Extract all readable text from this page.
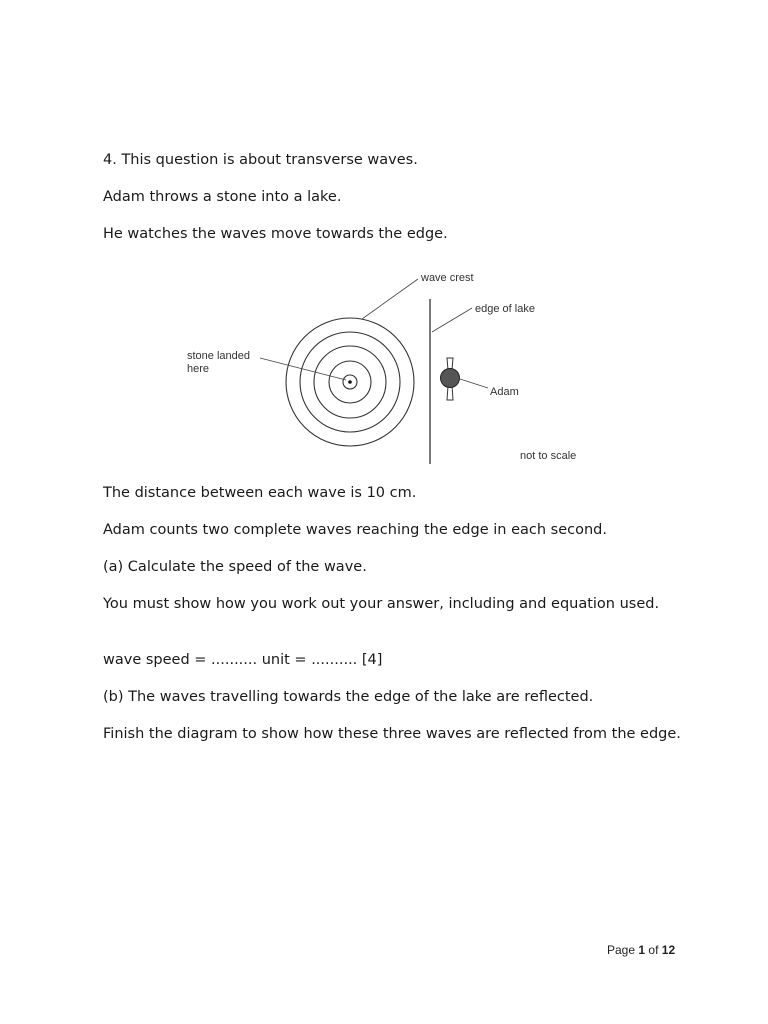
4. This question is about transverse waves.

Adam throws a stone into a lake.

He watches the waves move towards the edge.

wave crest
edge of lake
stone landed
here
Adam
not to scale

The distance between each wave is 10 cm.

Adam counts two complete waves reaching the edge in each second.

(a) Calculate the speed of the wave.

You must show how you work out your answer, including and equation used.

wave speed = .......... unit = .......... [4]

(b) The waves travelling towards the edge of the lake are reflected.

Finish the diagram to show how these three waves are reflected from the edge.

Page 1 of 12
